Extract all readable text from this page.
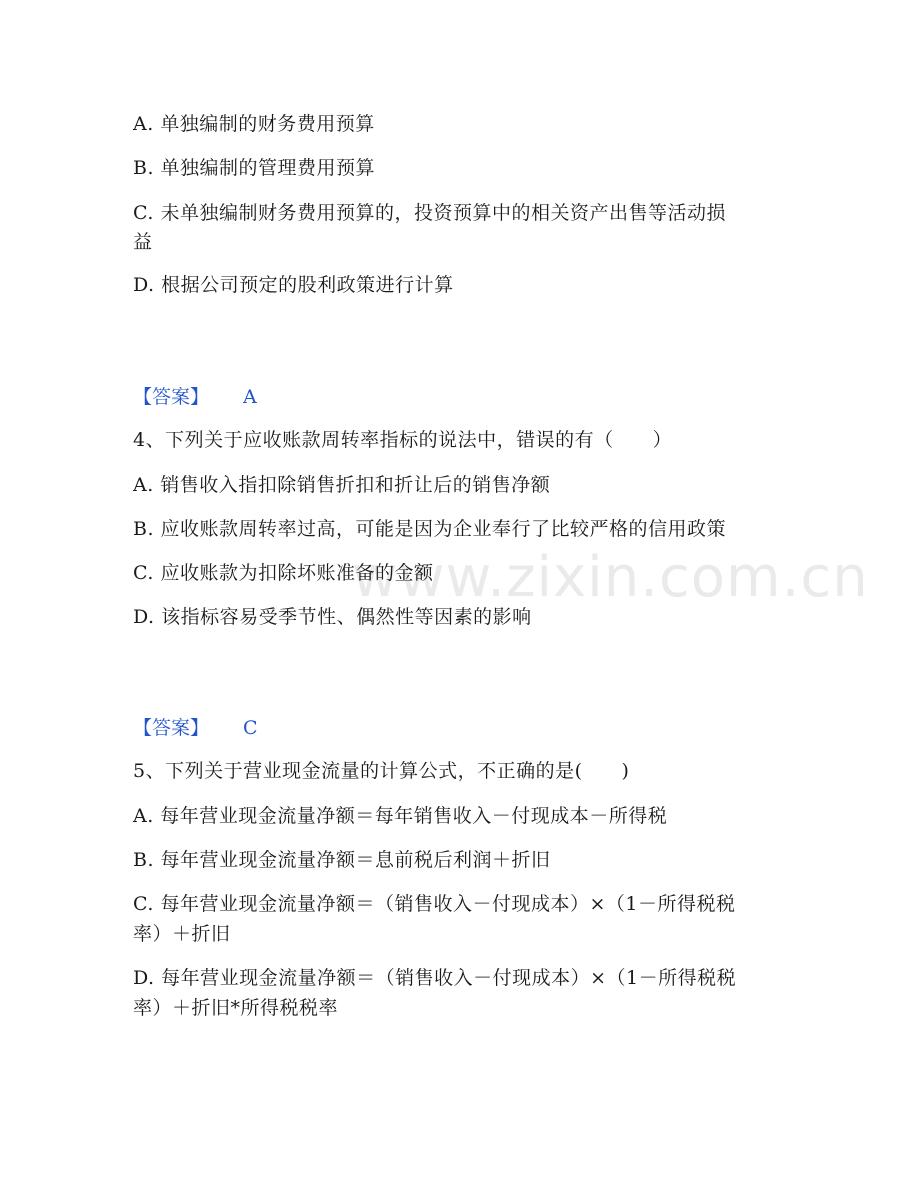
www.zixin.com.cn
A. 单独编制的财务费用预算
B. 单独编制的管理费用预算
C. 未单独编制财务费用预算的，投资预算中的相关资产出售等活动损
益
D. 根据公司预定的股利政策进行计算
【答案】 A
4、下列关于应收账款周转率指标的说法中，错误的有（　　）
A. 销售收入指扣除销售折扣和折让后的销售净额
B. 应收账款周转率过高，可能是因为企业奉行了比较严格的信用政策
C. 应收账款为扣除坏账准备的金额
D. 该指标容易受季节性、偶然性等因素的影响
【答案】 C
5、下列关于营业现金流量的计算公式，不正确的是(　　)
A. 每年营业现金流量净额＝每年销售收入－付现成本－所得税
B. 每年营业现金流量净额＝息前税后利润＋折旧
C. 每年营业现金流量净额＝（销售收入－付现成本）×（1－所得税税
率）＋折旧
D. 每年营业现金流量净额＝（销售收入－付现成本）×（1－所得税税
率）＋折旧*所得税税率
